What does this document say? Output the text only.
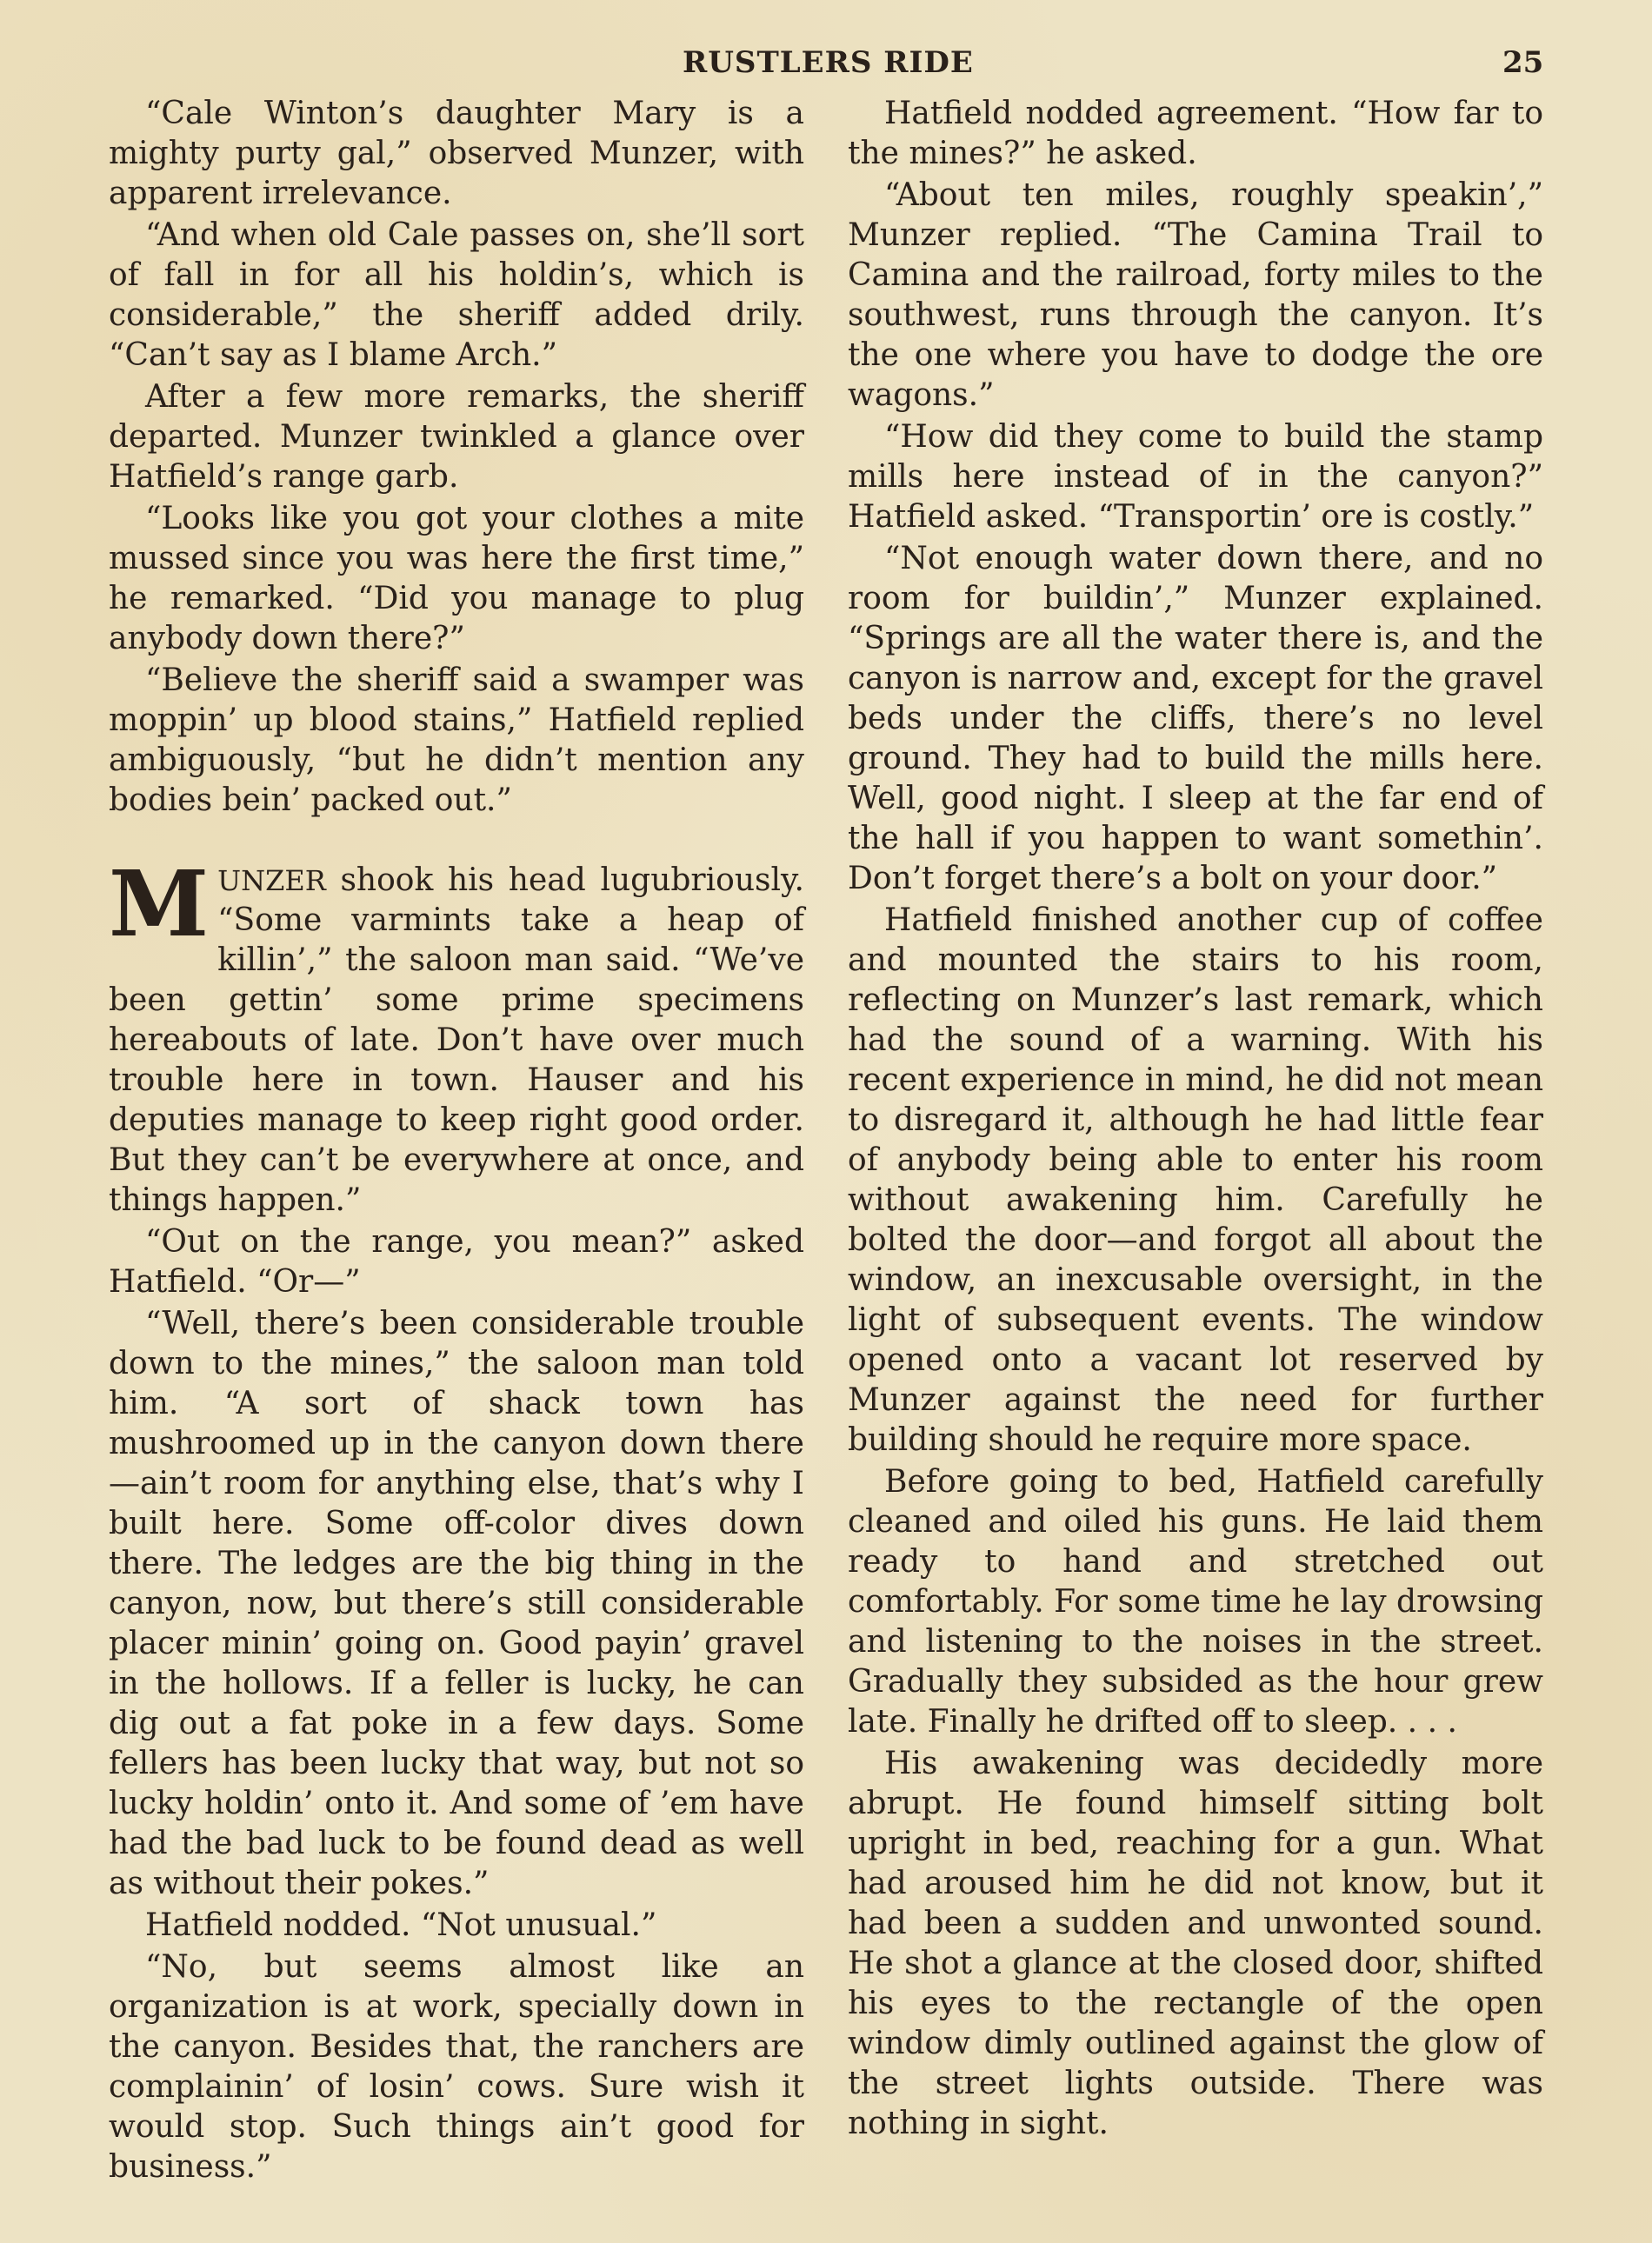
RUSTLERS RIDE	25

“Cale Winton’s daughter Mary is a mighty purty gal,” observed Munzer, with apparent irrelevance.

“And when old Cale passes on, she’ll sort of fall in for all his holdin’s, which is considerable,” the sheriff added drily. “Can’t say as I blame Arch.”

After a few more remarks, the sheriff departed. Munzer twinkled a glance over Hatfield’s range garb.

“Looks like you got your clothes a mite mussed since you was here the first time,” he remarked. “Did you manage to plug anybody down there?”

“Believe the sheriff said a swamper was moppin’ up blood stains,” Hatfield replied ambiguously, “but he didn’t mention any bodies bein’ packed out.”

MUNZER shook his head lugubriously. “Some varmints take a heap of killin’,” the saloon man said. “We’ve been gettin’ some prime specimens hereabouts of late. Don’t have over much trouble here in town. Hauser and his deputies manage to keep right good order. But they can’t be everywhere at once, and things happen.”

“Out on the range, you mean?” asked Hatfield. “Or—”

“Well, there’s been considerable trouble down to the mines,” the saloon man told him. “A sort of shack town has mushroomed up in the canyon down there—ain’t room for anything else, that’s why I built here. Some off-color dives down there. The ledges are the big thing in the canyon, now, but there’s still considerable placer minin’ going on. Good payin’ gravel in the hollows. If a feller is lucky, he can dig out a fat poke in a few days. Some fellers has been lucky that way, but not so lucky holdin’ onto it. And some of ’em have had the bad luck to be found dead as well as without their pokes.”

Hatfield nodded. “Not unusual.”

“No, but seems almost like an organization is at work, specially down in the canyon. Besides that, the ranchers are complainin’ of losin’ cows. Sure wish it would stop. Such things ain’t good for business.”

Hatfield nodded agreement. “How far to the mines?” he asked.

“About ten miles, roughly speakin’,” Munzer replied. “The Camina Trail to Camina and the railroad, forty miles to the southwest, runs through the canyon. It’s the one where you have to dodge the ore wagons.”

“How did they come to build the stamp mills here instead of in the canyon?” Hatfield asked. “Transportin’ ore is costly.”

“Not enough water down there, and no room for buildin’,” Munzer explained. “Springs are all the water there is, and the canyon is narrow and, except for the gravel beds under the cliffs, there’s no level ground. They had to build the mills here. Well, good night. I sleep at the far end of the hall if you happen to want somethin’. Don’t forget there’s a bolt on your door.”

Hatfield finished another cup of coffee and mounted the stairs to his room, reflecting on Munzer’s last remark, which had the sound of a warning. With his recent experience in mind, he did not mean to disregard it, although he had little fear of anybody being able to enter his room without awakening him. Carefully he bolted the door—and forgot all about the window, an inexcusable oversight, in the light of subsequent events. The window opened onto a vacant lot reserved by Munzer against the need for further building should he require more space.

Before going to bed, Hatfield carefully cleaned and oiled his guns. He laid them ready to hand and stretched out comfortably. For some time he lay drowsing and listening to the noises in the street. Gradually they subsided as the hour grew late. Finally he drifted off to sleep. . . .

His awakening was decidedly more abrupt. He found himself sitting bolt upright in bed, reaching for a gun. What had aroused him he did not know, but it had been a sudden and unwonted sound. He shot a glance at the closed door, shifted his eyes to the rectangle of the open window dimly outlined against the glow of the street lights outside. There was nothing in sight.
